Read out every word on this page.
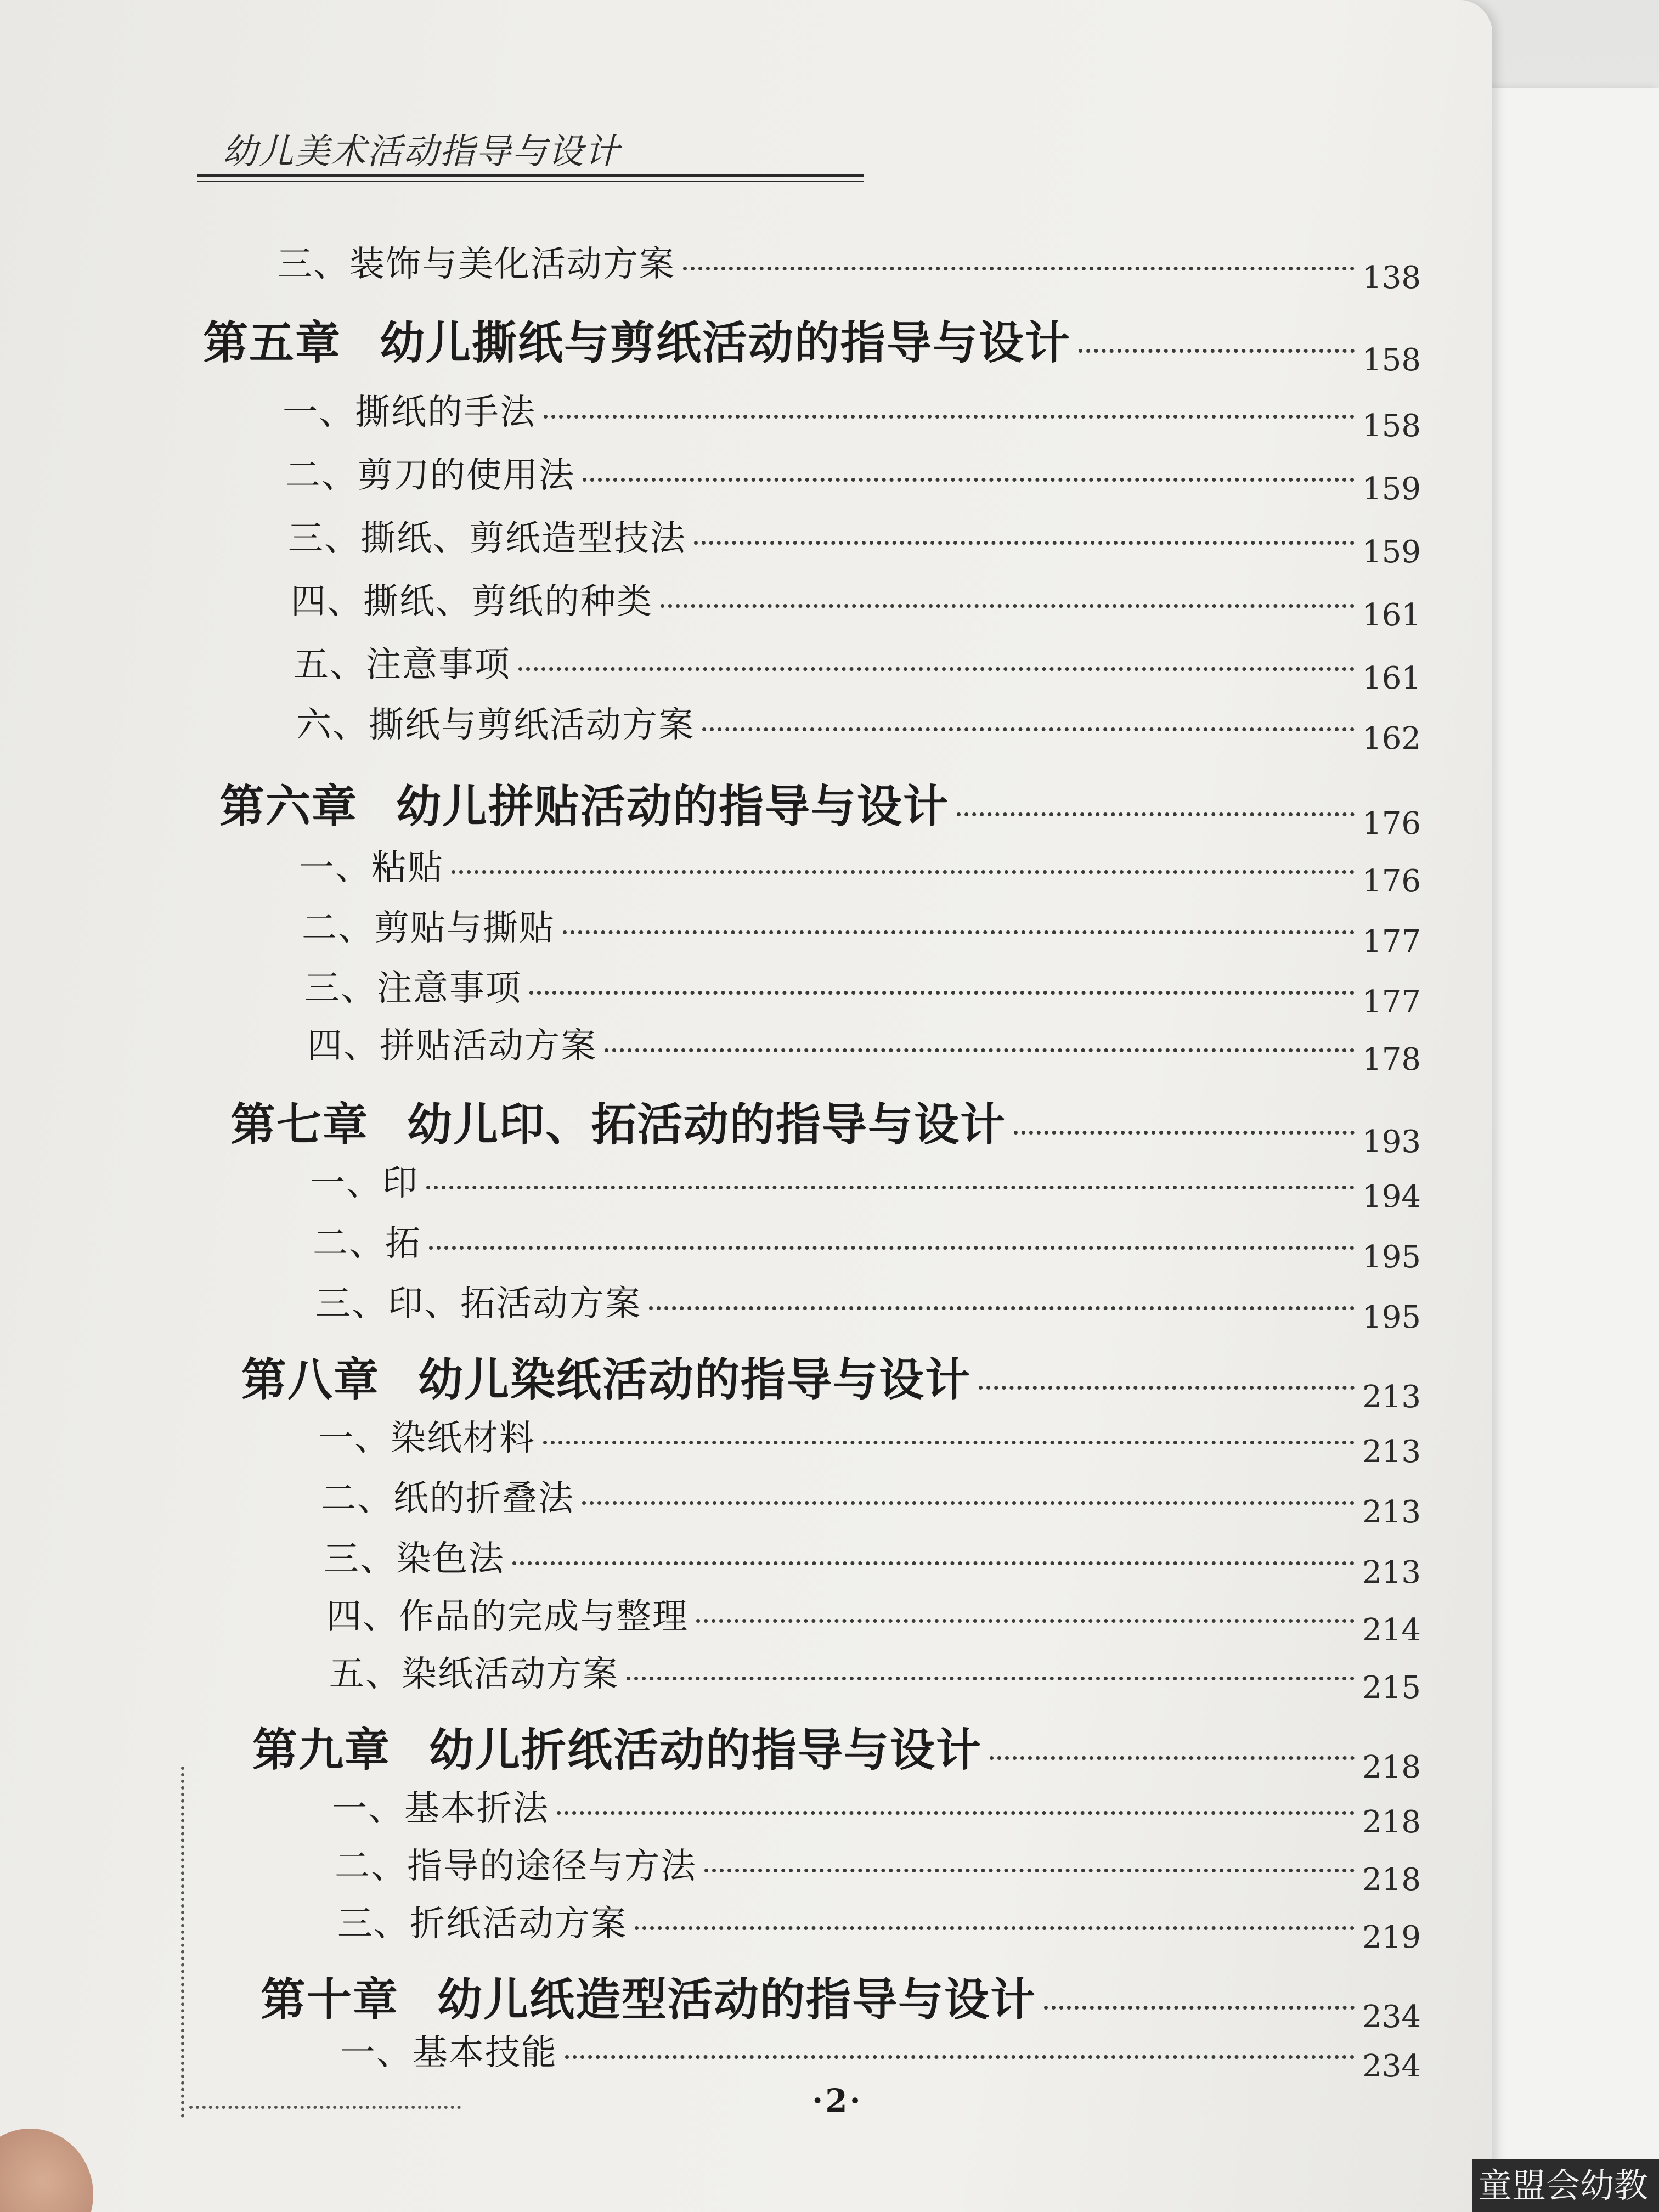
幼儿美术活动指导与设计
三、装饰与美化活动方案	138
第五章 幼儿撕纸与剪纸活动的指导与设计	158
一、撕纸的手法	158
二、剪刀的使用法	159
三、撕纸、剪纸造型技法	159
四、撕纸、剪纸的种类	161
五、注意事项	161
六、撕纸与剪纸活动方案	162
第六章 幼儿拼贴活动的指导与设计	176
一、粘贴	176
二、剪贴与撕贴	177
三、注意事项	177
四、拼贴活动方案	178
第七章 幼儿印、拓活动的指导与设计	193
一、印	194
二、拓	195
三、印、拓活动方案	195
第八章 幼儿染纸活动的指导与设计	213
一、染纸材料	213
二、纸的折叠法	213
三、染色法	213
四、作品的完成与整理	214
五、染纸活动方案	215
第九章 幼儿折纸活动的指导与设计	218
一、基本折法	218
二、指导的途径与方法	218
三、折纸活动方案	219
第十章 幼儿纸造型活动的指导与设计	234
一、基本技能	234
·2·
童盟会幼教
